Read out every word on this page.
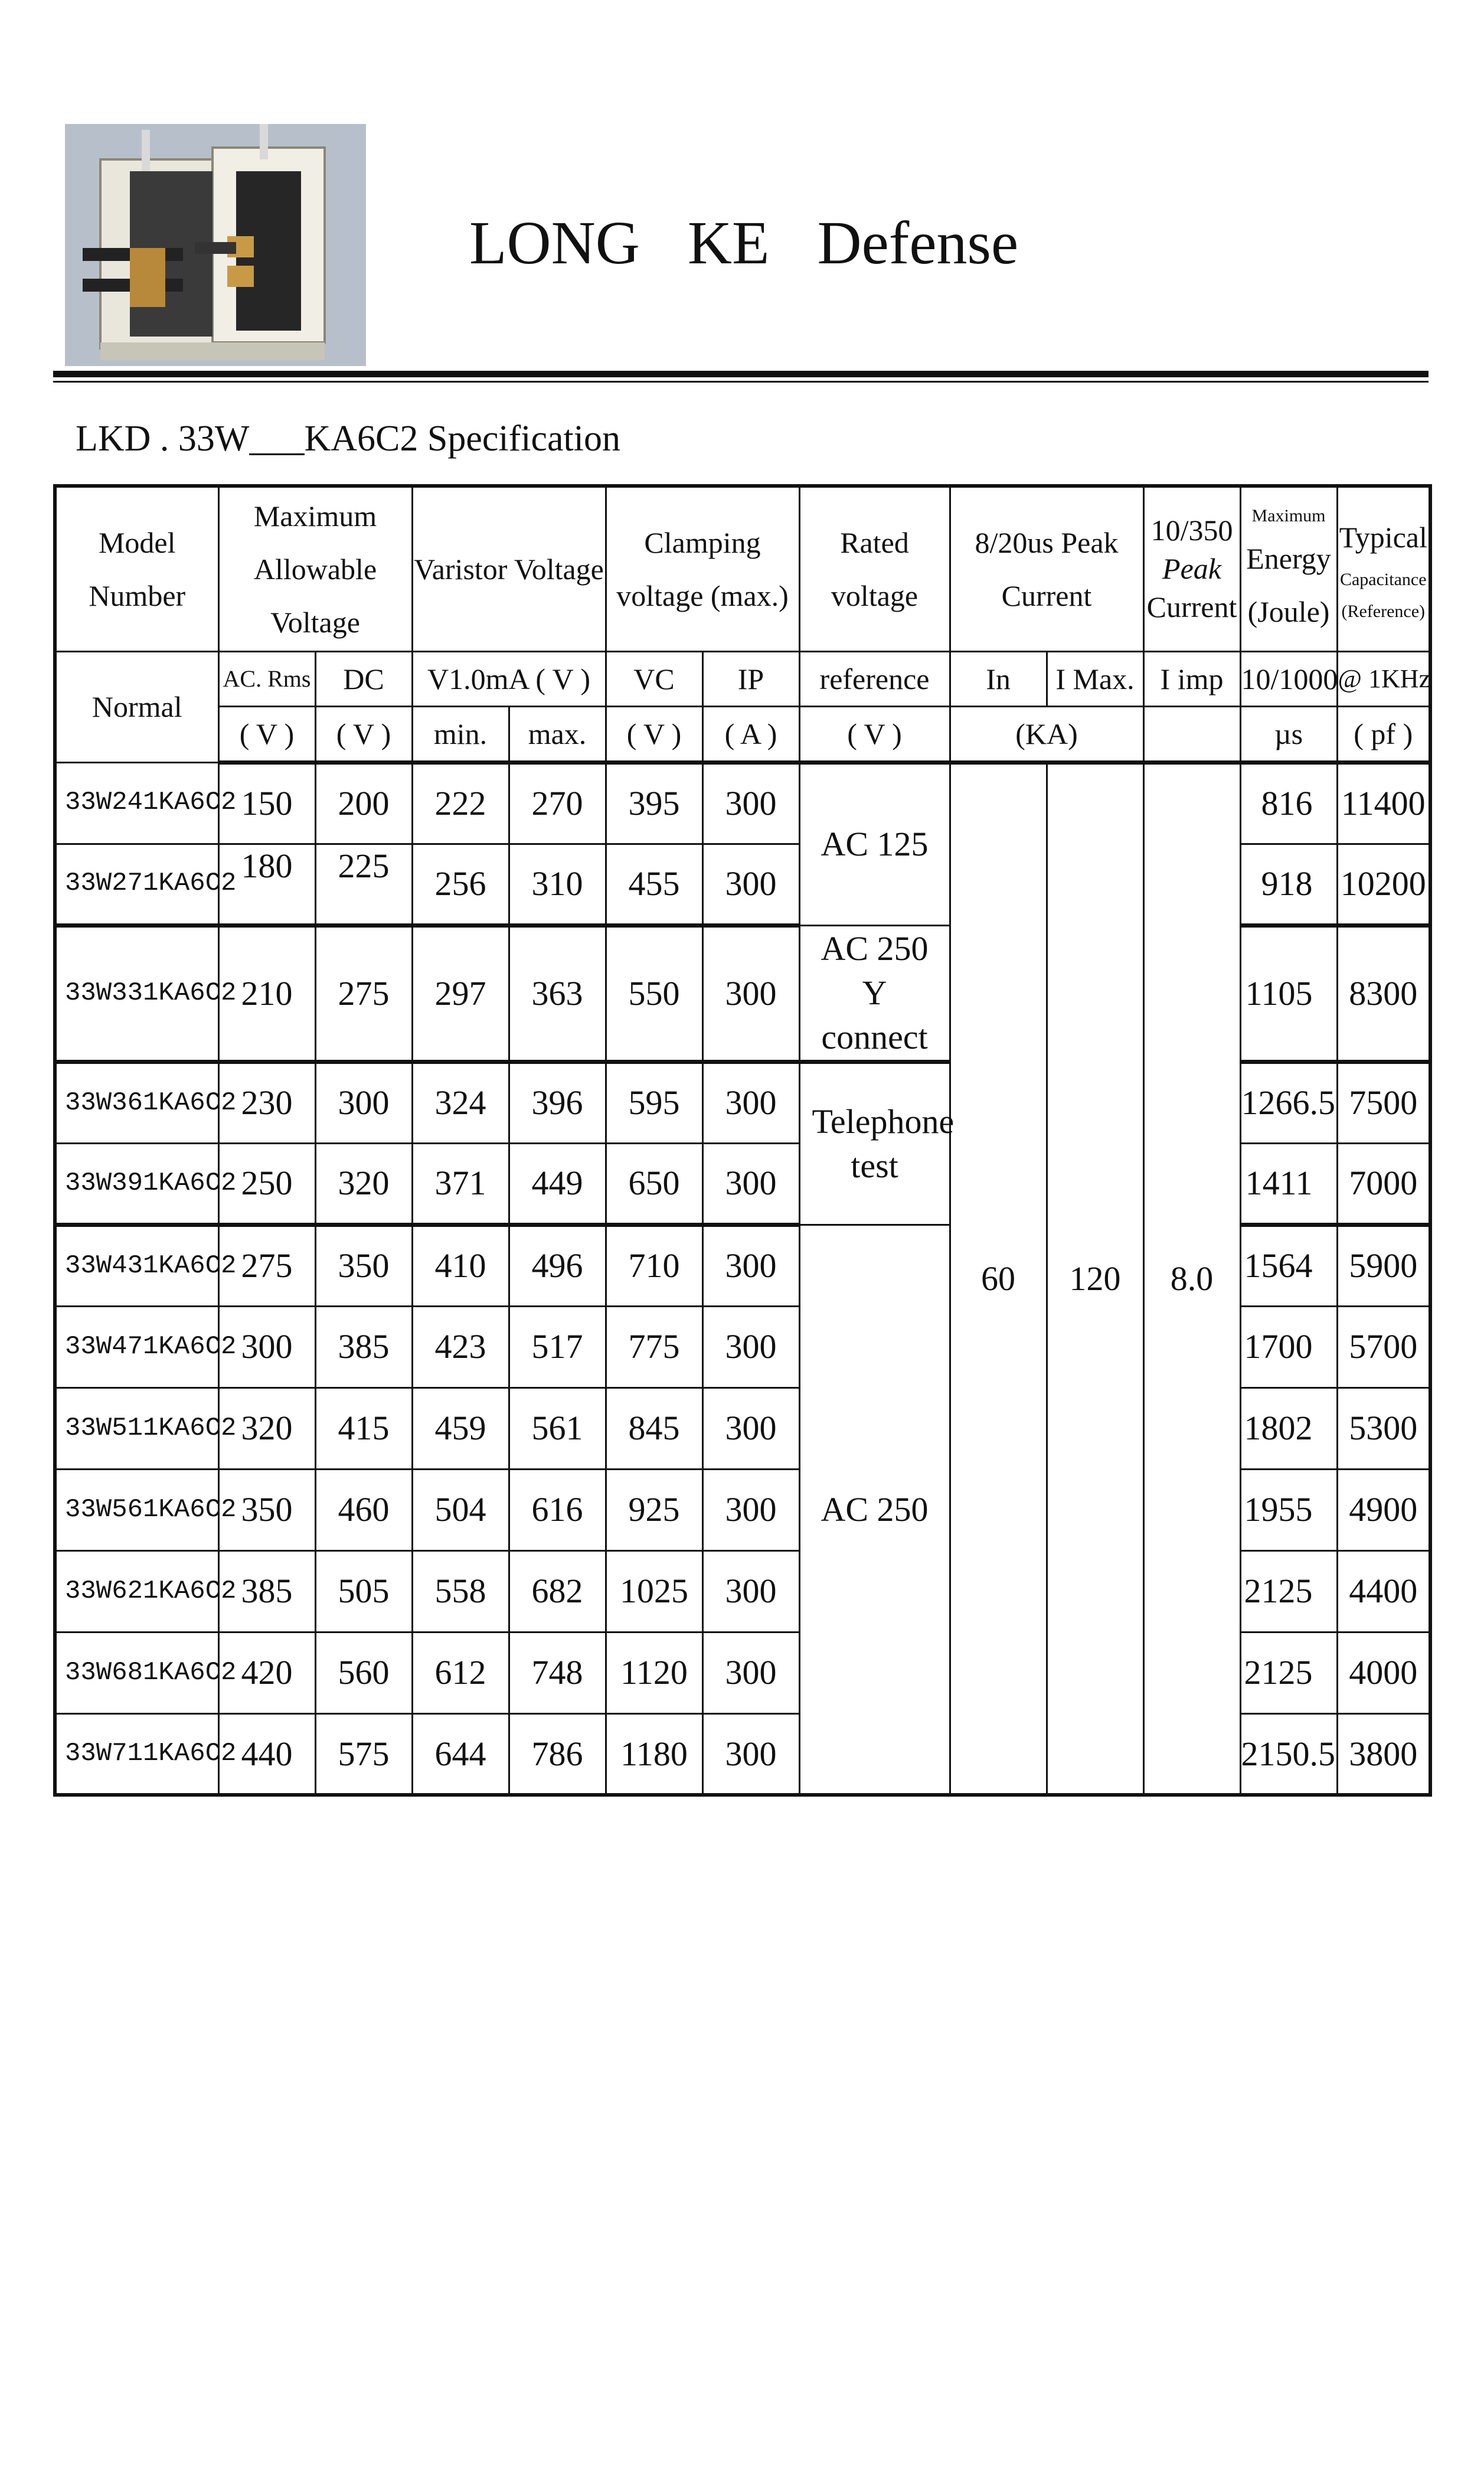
LONG KE Defense
LKD . 33W___KA6C2 Specification
Model Number	Maximum Allowable Voltage		Varistor Voltage		Clamping voltage (max.)		Rated voltage	8/20us Peak Current		10/350
Peak
Current	Maximum
Energy
(Joule)	Typical
Capacitance
(Reference)

Normal	AC. Rms	DC	V1.0mA ( V )		VC	IP	reference	In	I Max.	I imp	10/1000	@ 1KHz
	( V )	( V )	min.	max.	( V )	( A )	( V )	(KA)			µs	( pf )
33W241KA6C2	150	200	222	270	395	300	AC 125	60	120	8.0	816	11400
33W271KA6C2	180	225	256	310	455	300					918	10200
33W331KA6C2	210	275	297	363	550	300	AC 250 Y connect				1105	8300
33W361KA6C2	230	300	324	396	595	300	Telephone test				1266.5	7500
33W391KA6C2	250	320	371	449	650	300					1411	7000
33W431KA6C2	275	350	410	496	710	300	AC 250				1564	5900
33W471KA6C2	300	385	423	517	775	300					1700	5700
33W511KA6C2	320	415	459	561	845	300					1802	5300
33W561KA6C2	350	460	504	616	925	300					1955	4900
33W621KA6C2	385	505	558	682	1025	300					2125	4400
33W681KA6C2	420	560	612	748	1120	300					2125	4000
33W711KA6C2	440	575	644	786	1180	300					2150.5	3800
